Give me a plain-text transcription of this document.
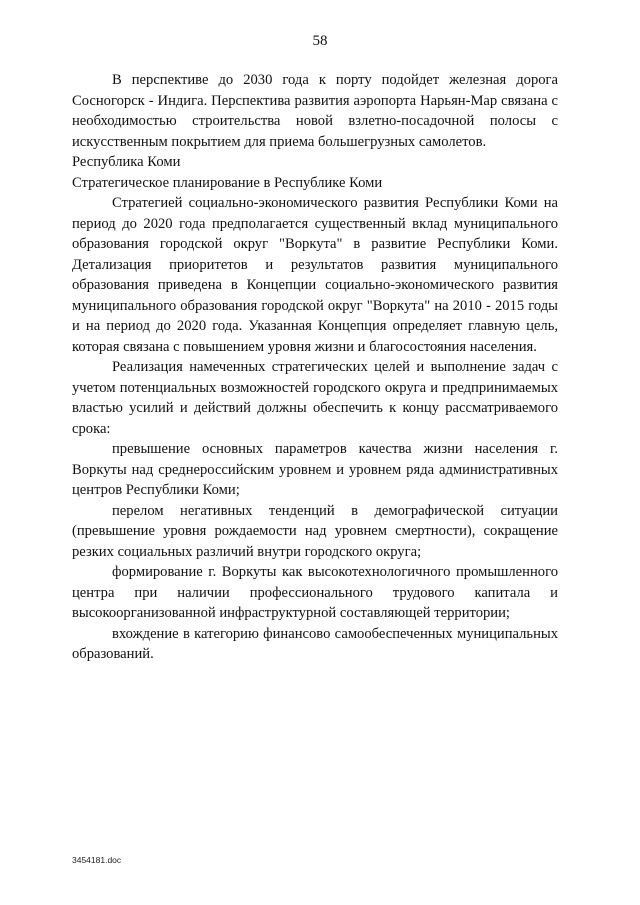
58

В перспективе до 2030 года к порту подойдет железная дорога Сосногорск - Индига. Перспектива развития аэропорта Нарьян-Мар связана с необходимостью строительства новой взлетно-посадочной полосы с искусственным покрытием для приема большегрузных самолетов.

Республика Коми

Стратегическое планирование в Республике Коми

Стратегией социально-экономического развития Республики Коми на период до 2020 года предполагается существенный вклад муниципального образования городской округ "Воркута" в развитие Республики Коми. Детализация приоритетов и результатов развития муниципального образования приведена в Концепции социально-экономического развития муниципального образования городской округ "Воркута" на 2010 - 2015 годы и на период до 2020 года. Указанная Концепция определяет главную цель, которая связана с повышением уровня жизни и благосостояния населения.

Реализация намеченных стратегических целей и выполнение задач с учетом потенциальных возможностей городского округа и предпринимаемых властью усилий и действий должны обеспечить к концу рассматриваемого срока:

превышение основных параметров качества жизни населения г. Воркуты над среднероссийским уровнем и уровнем ряда административных центров Республики Коми;

перелом негативных тенденций в демографической ситуации (превышение уровня рождаемости над уровнем смертности), сокращение резких социальных различий внутри городского округа;

формирование г. Воркуты как высокотехнологичного промышленного центра при наличии профессионального трудового капитала и высокоорганизованной инфраструктурной составляющей территории;

вхождение в категорию финансово самообеспеченных муниципальных образований.

3454181.doc
